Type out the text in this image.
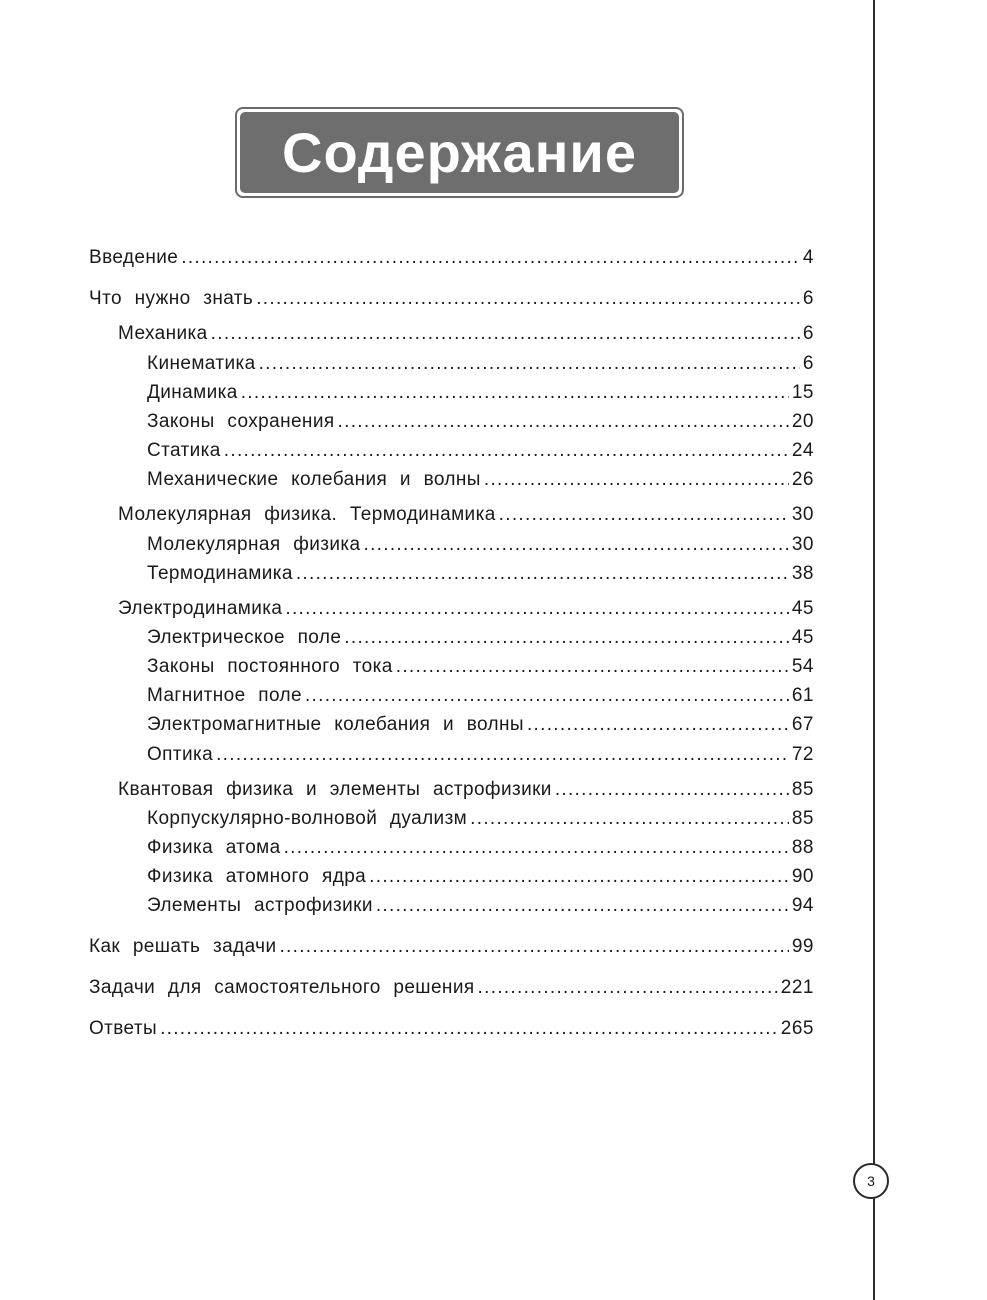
Содержание
Введение .....	4
Что нужно знать .....	6
Механика .....	6
Кинематика .....	6
Динамика .....	15
Законы сохранения .....	20
Статика .....	24
Механические колебания и волны .....	26
Молекулярная физика. Термодинамика .....	30
Молекулярная физика .....	30
Термодинамика .....	38
Электродинамика .....	45
Электрическое поле .....	45
Законы постоянного тока .....	54
Магнитное поле .....	61
Электромагнитные колебания и волны .....	67
Оптика .....	72
Квантовая физика и элементы астрофизики .....	85
Корпускулярно-волновой дуализм .....	85
Физика атома .....	88
Физика атомного ядра .....	90
Элементы астрофизики .....	94
Как решать задачи .....	99
Задачи для самостоятельного решения .....	221
Ответы .....	265
3
